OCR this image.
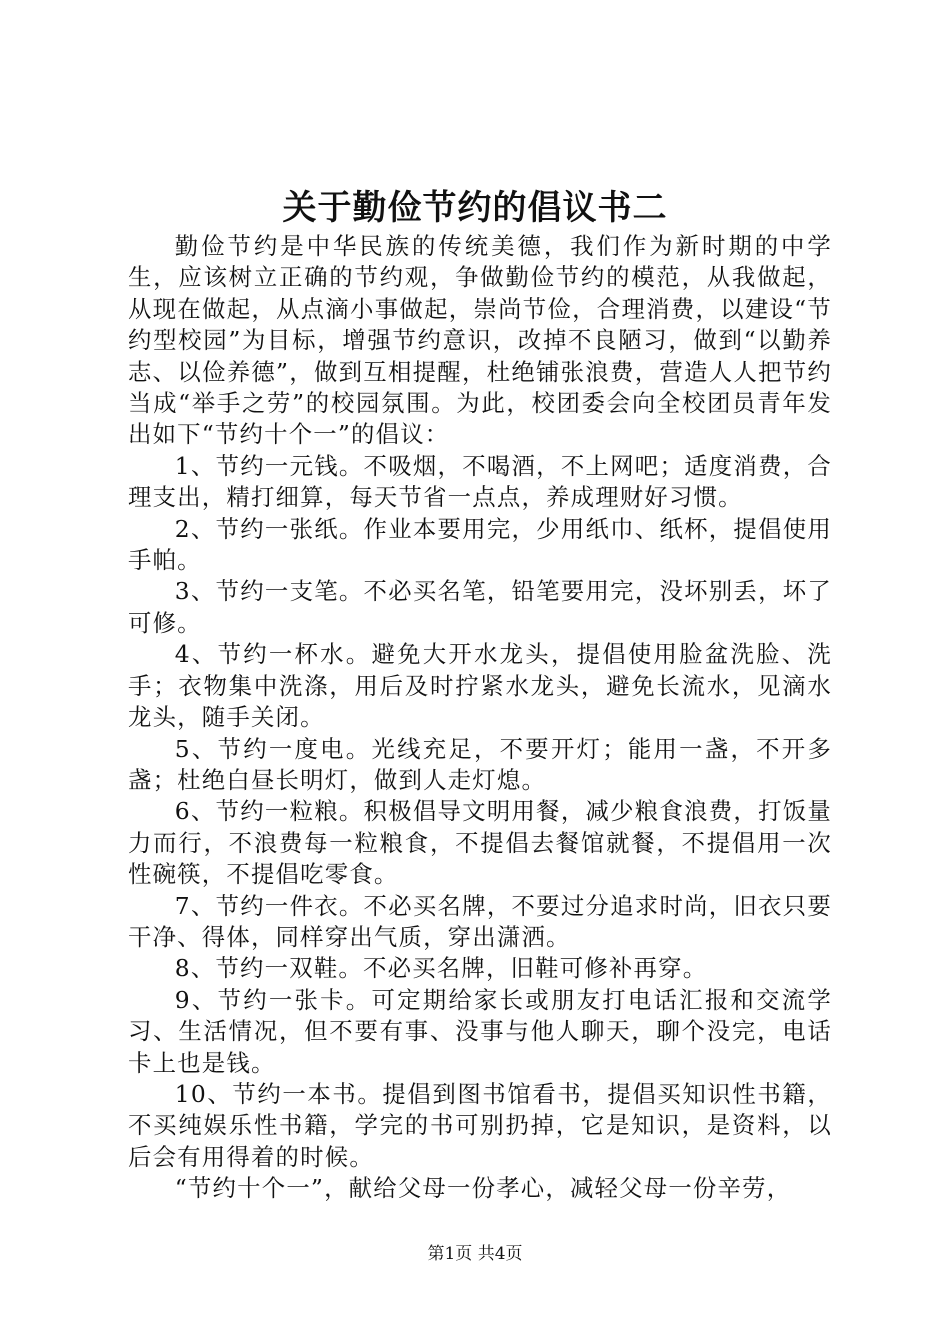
关于勤俭节约的倡议书二

勤俭节约是中华民族的传统美德，我们作为新时期的中学生，应该树立正确的节约观，争做勤俭节约的模范，从我做起，从现在做起，从点滴小事做起，崇尚节俭，合理消费，以建设“节约型校园”为目标，增强节约意识，改掉不良陋习，做到“以勤养志、以俭养德”，做到互相提醒，杜绝铺张浪费，营造人人把节约当成“举手之劳”的校园氛围。为此，校团委会向全校团员青年发出如下“节约十个一”的倡议：

1、节约一元钱。不吸烟，不喝酒，不上网吧；适度消费，合理支出，精打细算，每天节省一点点，养成理财好习惯。

2、节约一张纸。作业本要用完，少用纸巾、纸杯，提倡使用手帕。

3、节约一支笔。不必买名笔，铅笔要用完，没坏别丢，坏了可修。

4、节约一杯水。避免大开水龙头，提倡使用脸盆洗脸、洗手；衣物集中洗涤，用后及时拧紧水龙头，避免长流水，见滴水龙头，随手关闭。

5、节约一度电。光线充足，不要开灯；能用一盏，不开多盏；杜绝白昼长明灯，做到人走灯熄。

6、节约一粒粮。积极倡导文明用餐，减少粮食浪费，打饭量力而行，不浪费每一粒粮食，不提倡去餐馆就餐，不提倡用一次性碗筷，不提倡吃零食。

7、节约一件衣。不必买名牌，不要过分追求时尚，旧衣只要干净、得体，同样穿出气质，穿出潇洒。

8、节约一双鞋。不必买名牌，旧鞋可修补再穿。

9、节约一张卡。可定期给家长或朋友打电话汇报和交流学习、生活情况，但不要有事、没事与他人聊天，聊个没完，电话卡上也是钱。

10、节约一本书。提倡到图书馆看书，提倡买知识性书籍，不买纯娱乐性书籍，学完的书可别扔掉，它是知识，是资料，以后会有用得着的时候。

“节约十个一”，献给父母一份孝心，减轻父母一份辛劳，

第1页 共4页
